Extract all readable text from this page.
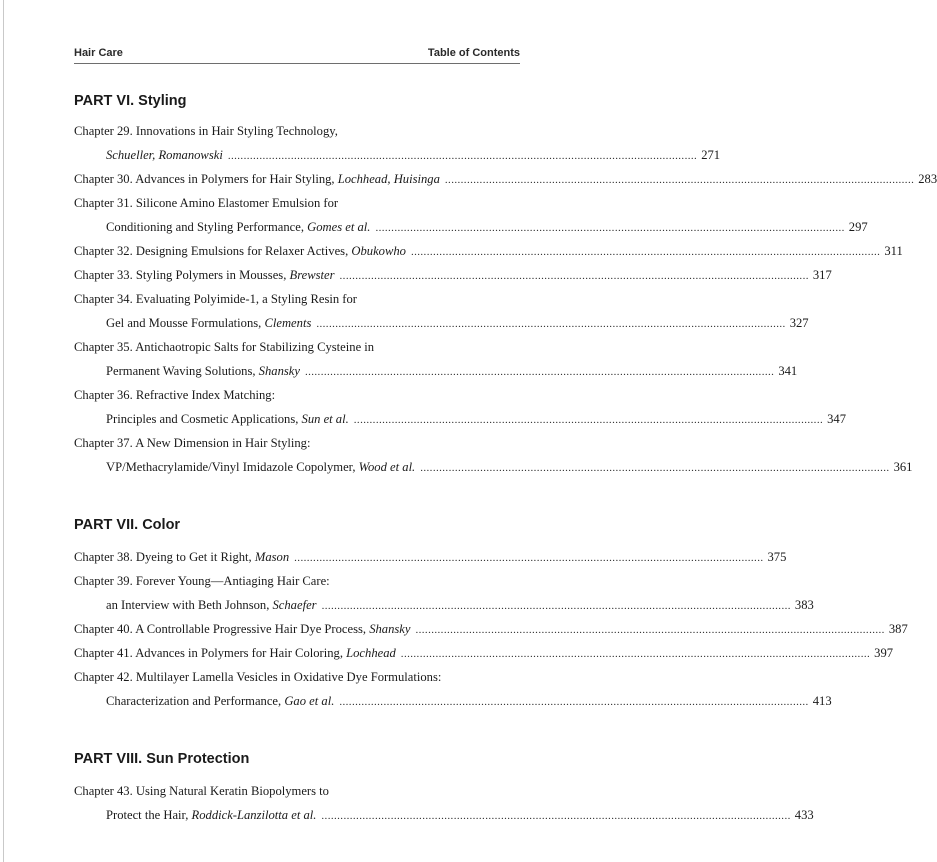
Hair Care	Table of Contents
PART VI. Styling
Chapter 29. Innovations in Hair Styling Technology,
Schueller, Romanowski ..................................................................................................................................................... 271
Chapter 30. Advances in Polymers for Hair Styling, Lochhead, Huisinga ..................................................................................................................................................... 283
Chapter 31. Silicone Amino Elastomer Emulsion for
Conditioning and Styling Performance, Gomes et al. ..................................................................................................................................................... 297
Chapter 32. Designing Emulsions for Relaxer Actives, Obukowho ..................................................................................................................................................... 311
Chapter 33. Styling Polymers in Mousses, Brewster ..................................................................................................................................................... 317
Chapter 34. Evaluating Polyimide-1, a Styling Resin for
Gel and Mousse Formulations, Clements ..................................................................................................................................................... 327
Chapter 35. Antichaotropic Salts for Stabilizing Cysteine in
Permanent Waving Solutions, Shansky ..................................................................................................................................................... 341
Chapter 36. Refractive Index Matching:
Principles and Cosmetic Applications, Sun et al. ..................................................................................................................................................... 347
Chapter 37. A New Dimension in Hair Styling:
VP/Methacrylamide/Vinyl Imidazole Copolymer, Wood et al. ..................................................................................................................................................... 361
PART VII. Color
Chapter 38. Dyeing to Get it Right, Mason ..................................................................................................................................................... 375
Chapter 39. Forever Young—Antiaging Hair Care:
an Interview with Beth Johnson, Schaefer ..................................................................................................................................................... 383
Chapter 40. A Controllable Progressive Hair Dye Process, Shansky ..................................................................................................................................................... 387
Chapter 41. Advances in Polymers for Hair Coloring, Lochhead ..................................................................................................................................................... 397
Chapter 42. Multilayer Lamella Vesicles in Oxidative Dye Formulations:
Characterization and Performance, Gao et al. ..................................................................................................................................................... 413
PART VIII. Sun Protection
Chapter 43. Using Natural Keratin Biopolymers to
Protect the Hair, Roddick-Lanzilotta et al. ..................................................................................................................................................... 433
